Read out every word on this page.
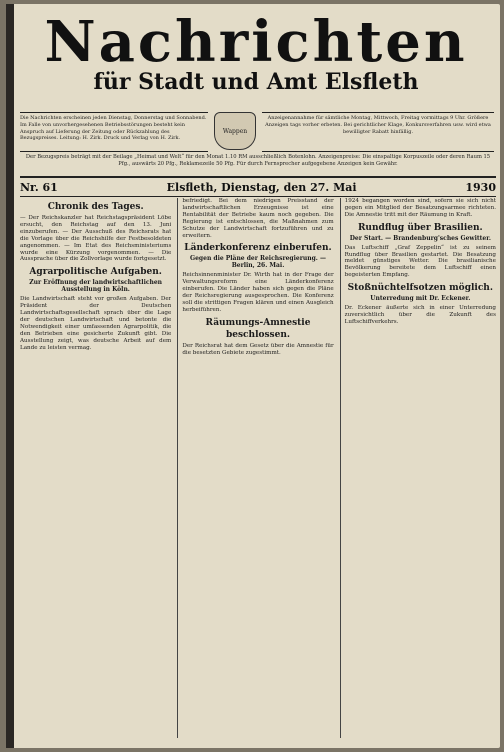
Nachrichten
für Stadt und Amt Elsfleth
Die Nachrichten erscheinen jeden Dienstag, Donnerstag und Sonnabend. Im Falle von unvorhergesehenen Betriebsstörungen besteht kein Anspruch auf Lieferung der Zeitung oder Rückzahlung des Bezugspreises. Leitung: H. Zirk. Druck und Verlag von H. Zirk.
Wappen
Anzeigenannahme für sämtliche Montag, Mittwoch, Freitag vormittags 9 Uhr. Größere Anzeigen tags vorher erbeten. Bei gerichtlicher Klage, Konkursverfahren usw. wird etwa bewilligter Rabatt hinfällig.
Der Bezugspreis beträgt mit der Beilage „Heimat und Welt“ für den Monat 1.10 RM ausschließlich Botenlohn. Anzeigenpreise: Die einspaltige Korpuszeile oder deren Raum 15 Pfg., auswärts 20 Pfg., Reklamezeile 50 Pfg. Für durch Fernsprecher aufgegebene Anzeigen kein Gewähr.
Nr. 61	Elsfleth, Dienstag, den 27. Mai	1930
Chronik des Tages.
— Der Reichskanzler hat Reichstagspräsident Löbe ersucht, den Reichstag auf den 13. Juni einzuberufen. — Der Ausschuß des Reichsrats hat die Vorlage über die Reichshilfe der Festbesoldeten angenommen. — Im Etat des Reichsministeriums wurde eine Kürzung vorgenommen. — Die Aussprache über die Zollvorlage wurde fortgesetzt.
Agrarpolitische Aufgaben.
Zur Eröffnung der landwirtschaftlichen Ausstellung in Köln.
Die Landwirtschaft steht vor großen Aufgaben. Der Präsident der Deutschen Landwirtschaftsgesellschaft sprach über die Lage der deutschen Landwirtschaft und betonte die Notwendigkeit einer umfassenden Agrarpolitik, die den Betrieben eine gesicherte Zukunft gibt. Die Ausstellung zeigt, was deutsche Arbeit auf dem Lande zu leisten vermag.
befriedigt. Bei dem niedrigen Preisstand der landwirtschaftlichen Erzeugnisse ist eine Rentabilität der Betriebe kaum noch gegeben. Die Regierung ist entschlossen, die Maßnahmen zum Schutze der Landwirtschaft fortzuführen und zu erweitern.
Länderkonferenz einberufen.
Gegen die Pläne der Reichsregierung. — Berlin, 26. Mai.
Reichsinnenminister Dr. Wirth hat in der Frage der Verwaltungsreform eine Länderkonferenz einberufen. Die Länder haben sich gegen die Pläne der Reichsregierung ausgesprochen. Die Konferenz soll die strittigen Fragen klären und einen Ausgleich herbeiführen.
Räumungs-Amnestie beschlossen.
Der Reichsrat hat dem Gesetz über die Amnestie für die besetzten Gebiete zugestimmt.
1924 begangen worden sind, sofern sie sich nicht gegen ein Mitglied der Besatzungsarmee richteten. Die Amnestie tritt mit der Räumung in Kraft.
Rundflug über Brasilien.
Der Start. — Brandenburg'sches Gewitter.
Das Luftschiff „Graf Zeppelin“ ist zu seinem Rundflug über Brasilien gestartet. Die Besatzung meldet günstiges Wetter. Die brasilianische Bevölkerung bereitete dem Luftschiff einen begeisterten Empfang.
Stoßnüchtelfsotzen möglich.
Unterredung mit Dr. Eckener.
Dr. Eckener äußerte sich in einer Unterredung zuversichtlich über die Zukunft des Luftschiffverkehrs.
